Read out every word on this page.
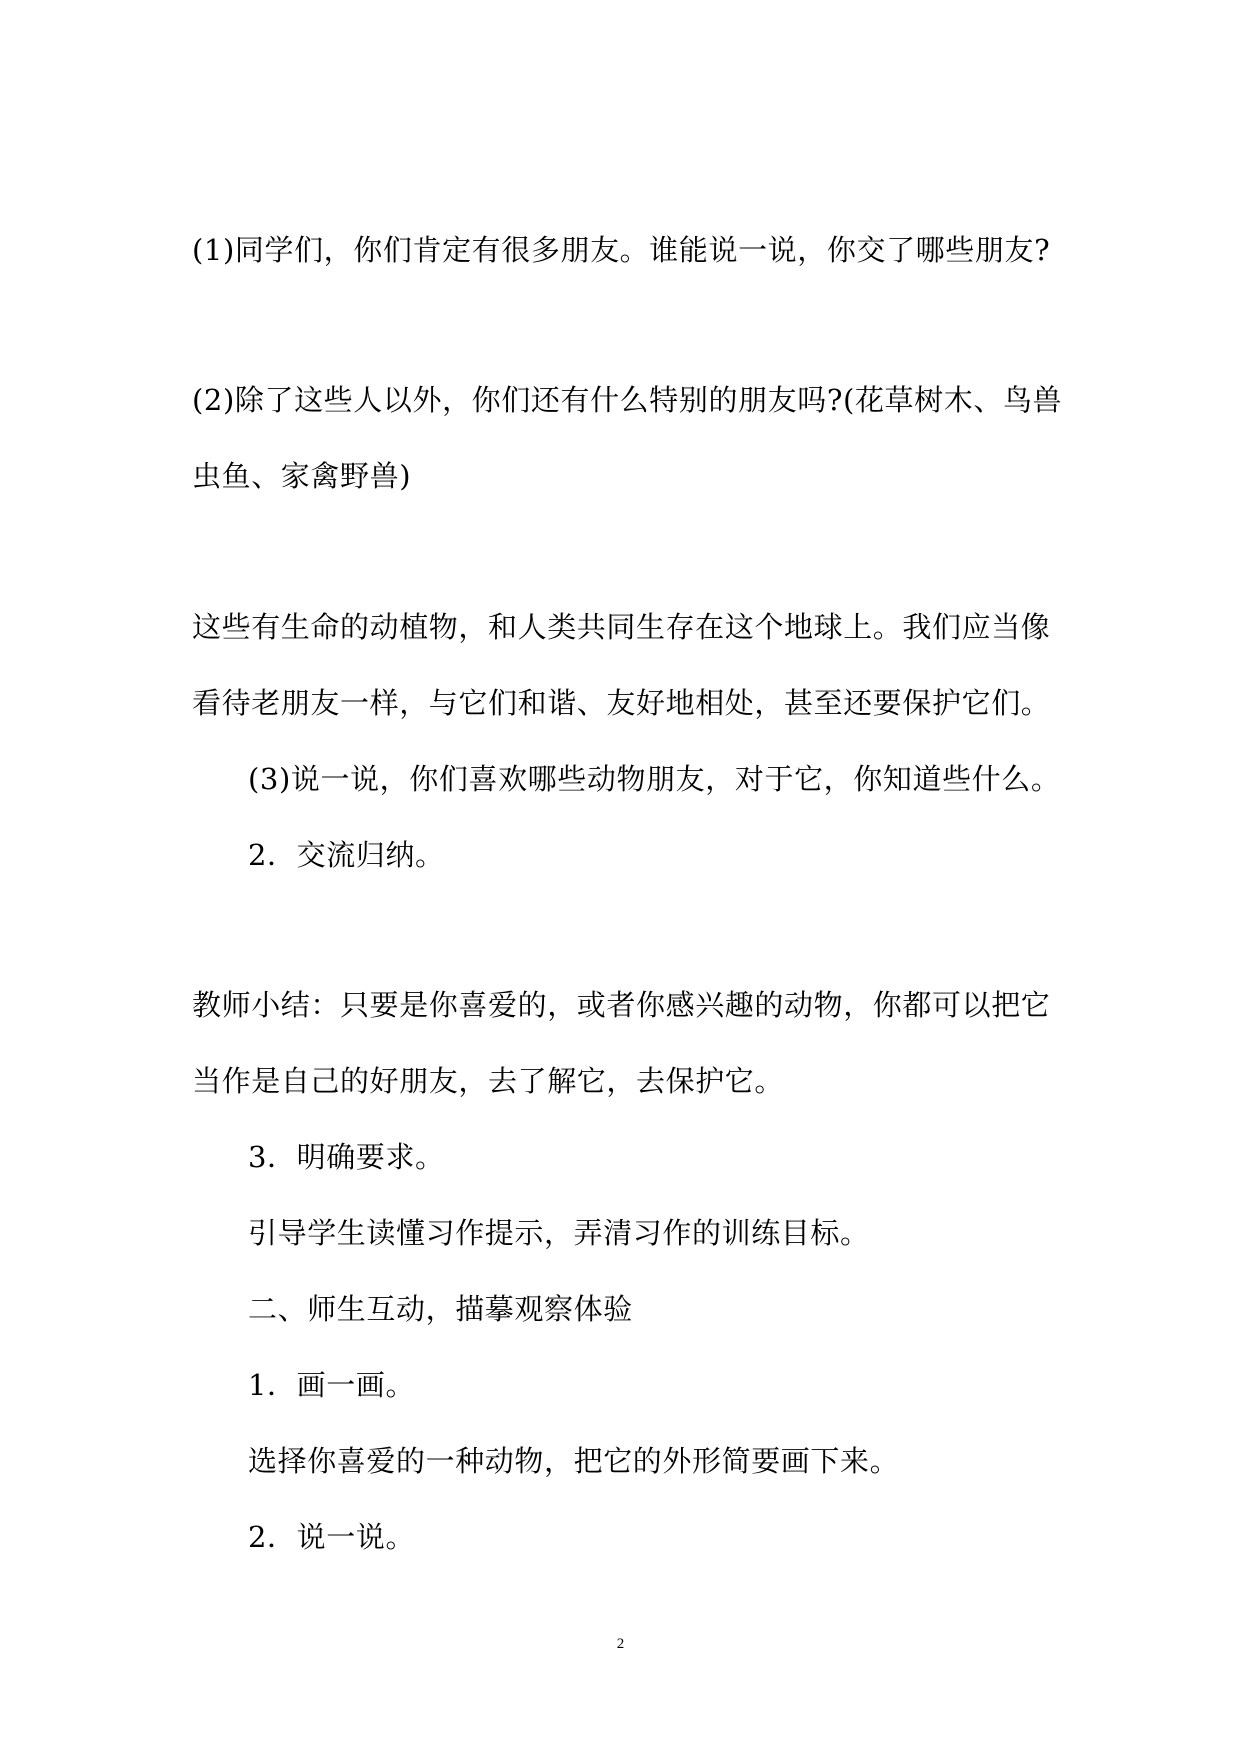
(1)同学们，你们肯定有很多朋友。谁能说一说，你交了哪些朋友?
(2)除了这些人以外，你们还有什么特别的朋友吗?(花草树木、鸟兽
虫鱼、家禽野兽)
这些有生命的动植物，和人类共同生存在这个地球上。我们应当像
看待老朋友一样，与它们和谐、友好地相处，甚至还要保护它们。
(3)说一说，你们喜欢哪些动物朋友，对于它，你知道些什么。
2．交流归纳。
教师小结：只要是你喜爱的，或者你感兴趣的动物，你都可以把它
当作是自己的好朋友，去了解它，去保护它。
3．明确要求。
引导学生读懂习作提示，弄清习作的训练目标。
二、师生互动，描摹观察体验
1．画一画。
选择你喜爱的一种动物，把它的外形简要画下来。
2．说一说。
2
